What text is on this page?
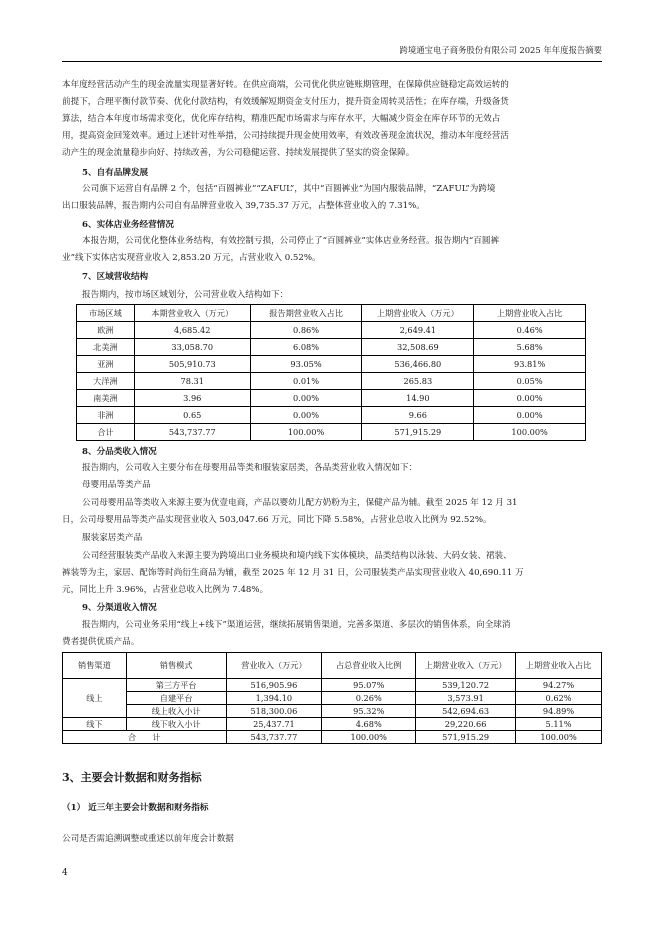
跨境通宝电子商务股份有限公司 2025 年年度报告摘要
本年度经营活动产生的现金流量实现显著好转。在供应商端，公司优化供应链账期管理，在保障供应链稳定高效运转的
前提下，合理平衡付款节奏、优化付款结构，有效缓解短期资金支付压力，提升资金周转灵活性；在库存端，升级备货
算法，结合本年度市场需求变化，优化库存结构，精准匹配市场需求与库存水平，大幅减少资金在库存环节的无效占
用，提高资金回笼效率。通过上述针对性举措，公司持续提升现金使用效率，有效改善现金流状况，推动本年度经营活
动产生的现金流量稳步向好、持续改善，为公司稳健运营、持续发展提供了坚实的资金保障。
5、自有品牌发展
公司旗下运营自有品牌 2 个，包括“百圆裤业”“ZAFUL”，其中“百圆裤业”为国内服装品牌，“ZAFUL”为跨境
出口服装品牌，报告期内公司自有品牌营业收入 39,735.37 万元，占整体营业收入的 7.31%。
6、实体店业务经营情况
本报告期，公司优化整体业务结构，有效控制亏损，公司停止了“百圆裤业”实体店业务经营。报告期内“百圆裤
业”线下实体店实现营业收入 2,853.20 万元，占营业收入 0.52%。
7、区域营收结构
报告期内，按市场区域划分，公司营业收入结构如下：
市场区域	本期营业收入（万元）	报告期营业收入占比	上期营业收入（万元）	上期营业收入占比
欧洲	4,685.42	0.86%	2,649.41	0.46%
北美洲	33,058.70	6.08%	32,508.69	5.68%
亚洲	505,910.73	93.05%	536,466.80	93.81%
大洋洲	78.31	0.01%	265.83	0.05%
南美洲	3.96	0.00%	14.90	0.00%
非洲	0.65	0.00%	9.66	0.00%
合计	543,737.77	100.00%	571,915.29	100.00%
8、分品类收入情况
报告期内，公司收入主要分布在母婴用品等类和服装家居类，各品类营业收入情况如下：
母婴用品等类产品
公司母婴用品等类收入来源主要为优壹电商，产品以婴幼儿配方奶粉为主，保健产品为辅。截至 2025 年 12 月 31
日，公司母婴用品等类产品实现营业收入 503,047.66 万元，同比下降 5.58%，占营业总收入比例为 92.52%。
服装家居类产品
公司经营服装类产品收入来源主要为跨境出口业务模块和境内线下实体模块，品类结构以泳装、大码女装、裙装、
裤装等为主，家居、配饰等时尚衍生商品为辅，截至 2025 年 12 月 31 日，公司服装类产品实现营业收入 40,690.11 万
元，同比上升 3.96%，占营业总收入比例为 7.48%。
9、分渠道收入情况
报告期内，公司业务采用“线上+线下”渠道运营，继续拓展销售渠道，完善多渠道、多层次的销售体系，向全球消
费者提供优质产品。
销售渠道	销售模式	营业收入（万元）	占总营业收入比例	上期营业收入（万元）	上期营业收入占比
线上	第三方平台	516,905.96	95.07%	539,120.72	94.27%
	自建平台	1,394.10	0.26%	3,573.91	0.62%
	线上收入小计	518,300.06	95.32%	542,694.63	94.89%
线下	线下收入小计	25,437.71	4.68%	29,220.66	5.11%
合　　计		543,737.77	100.00%	571,915.29	100.00%
3、主要会计数据和财务指标
（1） 近三年主要会计数据和财务指标
公司是否需追溯调整或重述以前年度会计数据
4
